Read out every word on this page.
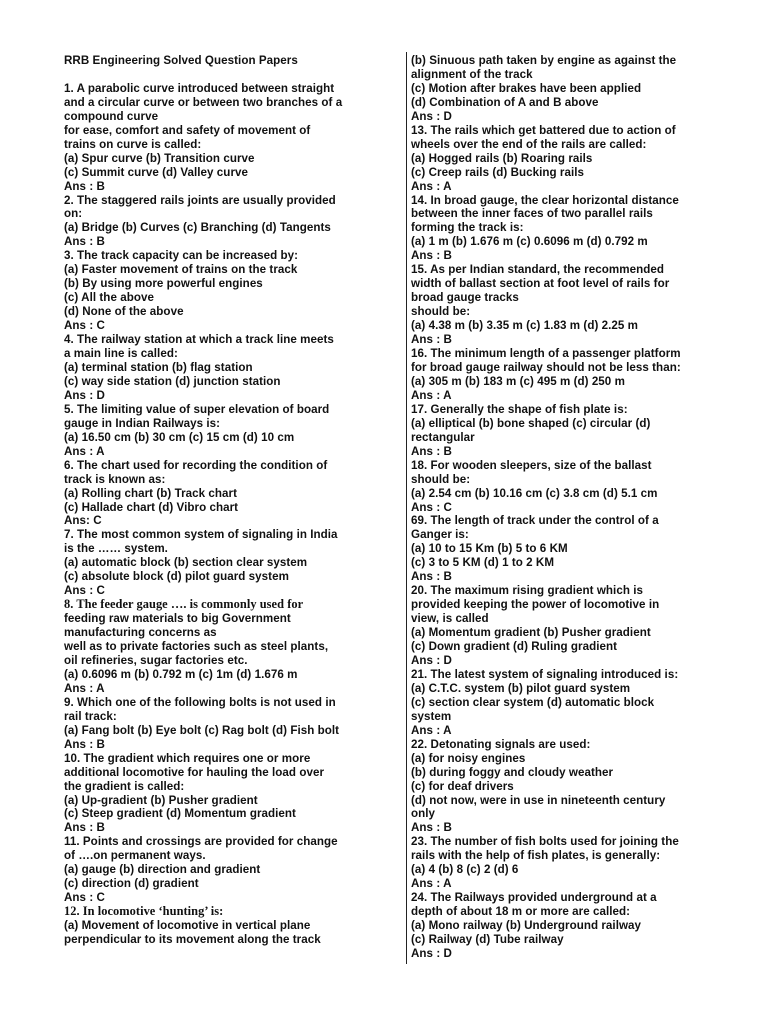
RRB Engineering Solved Question Papers

1. A parabolic curve introduced between straight
and a circular curve or between two branches of a
compound curve
for ease, comfort and safety of movement of
trains on curve is called:
(a) Spur curve (b) Transition curve
(c) Summit curve (d) Valley curve
Ans : B
2. The staggered rails joints are usually provided
on:
(a) Bridge (b) Curves (c) Branching (d) Tangents
Ans : B
3. The track capacity can be increased by:
(a) Faster movement of trains on the track
(b) By using more powerful engines
(c) All the above
(d) None of the above
Ans : C
4. The railway station at which a track line meets
a main line is called:
(a) terminal station (b) flag station
(c) way side station (d) junction station
Ans : D
5. The limiting value of super elevation of board
gauge in Indian Railways is:
(a) 16.50 cm (b) 30 cm (c) 15 cm (d) 10 cm
Ans : A
6. The chart used for recording the condition of
track is known as:
(a) Rolling chart (b) Track chart
(c) Hallade chart (d) Vibro chart
Ans: C
7. The most common system of signaling in India
is the …… system.
(a) automatic block (b) section clear system
(c) absolute block (d) pilot guard system
Ans : C
8. The feeder gauge …. is commonly used for
feeding raw materials to big Government
manufacturing concerns as
well as to private factories such as steel plants,
oil refineries, sugar factories etc.
(a) 0.6096 m (b) 0.792 m (c) 1m (d) 1.676 m
Ans : A
9. Which one of the following bolts is not used in
rail track:
(a) Fang bolt (b) Eye bolt (c) Rag bolt (d) Fish bolt
Ans : B
10. The gradient which requires one or more
additional locomotive for hauling the load over
the gradient is called:
(a) Up-gradient (b) Pusher gradient
(c) Steep gradient (d) Momentum gradient
Ans : B
11. Points and crossings are provided for change
of ….on permanent ways.
(a) gauge (b) direction and gradient
(c) direction (d) gradient
Ans : C
12. In locomotive ‘hunting’ is:
(a) Movement of locomotive in vertical plane
perpendicular to its movement along the track
(b) Sinuous path taken by engine as against the
alignment of the track
(c) Motion after brakes have been applied
(d) Combination of A and B above
Ans : D
13. The rails which get battered due to action of
wheels over the end of the rails are called:
(a) Hogged rails (b) Roaring rails
(c) Creep rails (d) Bucking rails
Ans : A
14. In broad gauge, the clear horizontal distance
between the inner faces of two parallel rails
forming the track is:
(a) 1 m (b) 1.676 m (c) 0.6096 m (d) 0.792 m
Ans : B
15. As per Indian standard, the recommended
width of ballast section at foot level of rails for
broad gauge tracks
should be:
(a) 4.38 m (b) 3.35 m (c) 1.83 m (d) 2.25 m
Ans : B
16. The minimum length of a passenger platform
for broad gauge railway should not be less than:
(a) 305 m (b) 183 m (c) 495 m (d) 250 m
Ans : A
17. Generally the shape of fish plate is:
(a) elliptical (b) bone shaped (c) circular (d)
rectangular
Ans : B
18. For wooden sleepers, size of the ballast
should be:
(a) 2.54 cm (b) 10.16 cm (c) 3.8 cm (d) 5.1 cm
Ans : C
69. The length of track under the control of a
Ganger is:
(a) 10 to 15 Km (b) 5 to 6 KM
(c) 3 to 5 KM (d) 1 to 2 KM
Ans : B
20. The maximum rising gradient which is
provided keeping the power of locomotive in
view, is called
(a) Momentum gradient (b) Pusher gradient
(c) Down gradient (d) Ruling gradient
Ans : D
21. The latest system of signaling introduced is:
(a) C.T.C. system (b) pilot guard system
(c) section clear system (d) automatic block
system
Ans : A
22. Detonating signals are used:
(a) for noisy engines
(b) during foggy and cloudy weather
(c) for deaf drivers
(d) not now, were in use in nineteenth century
only
Ans : B
23. The number of fish bolts used for joining the
rails with the help of fish plates, is generally:
(a) 4 (b) 8 (c) 2 (d) 6
Ans : A
24. The Railways provided underground at a
depth of about 18 m or more are called:
(a) Mono railway (b) Underground railway
(c) Railway (d) Tube railway
Ans : D
